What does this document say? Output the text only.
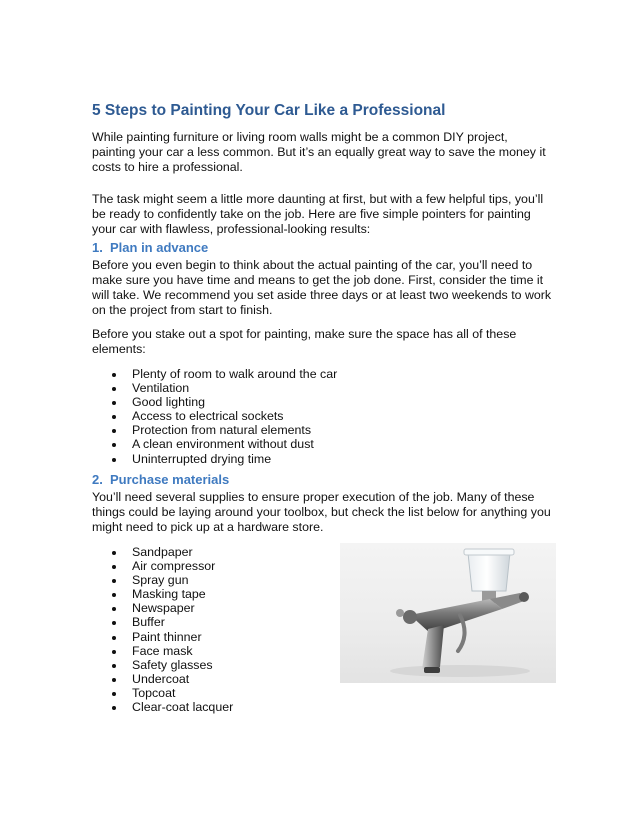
5 Steps to Painting Your Car Like a Professional

While painting furniture or living room walls might be a common DIY project, painting your car a less common. But it’s an equally great way to save the money it costs to hire a professional.

The task might seem a little more daunting at first, but with a few helpful tips, you’ll be ready to confidently take on the job. Here are five simple pointers for painting your car with flawless, professional-looking results:

1. Plan in advance

Before you even begin to think about the actual painting of the car, you’ll need to make sure you have time and means to get the job done. First, consider the time it will take. We recommend you set aside three days or at least two weekends to work on the project from start to finish.

Before you stake out a spot for painting, make sure the space has all of these elements:

Plenty of room to walk around the car
Ventilation
Good lighting
Access to electrical sockets
Protection from natural elements
A clean environment without dust
Uninterrupted drying time
2. Purchase materials

You’ll need several supplies to ensure proper execution of the job. Many of these things could be laying around your toolbox, but check the list below for anything you might need to pick up at a hardware store.

Sandpaper
Air compressor
Spray gun
Masking tape
Newspaper
Buffer
Paint thinner
Face mask
Safety glasses
Undercoat
Topcoat
Clear-coat lacquer
